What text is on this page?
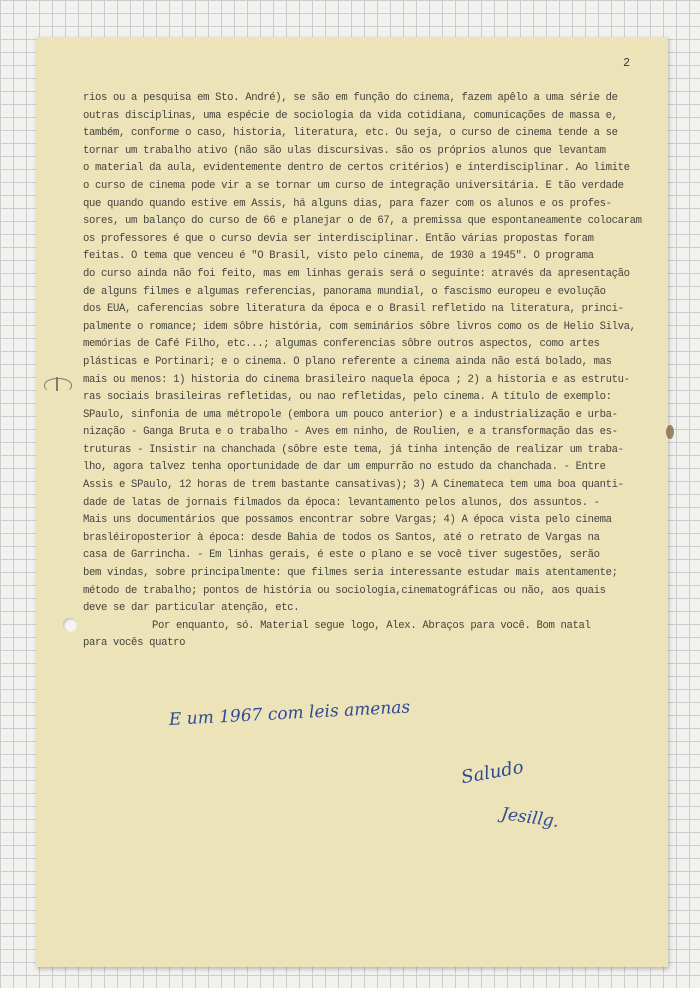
2
rios ou a pesquisa em Sto. André), se são em função do cinema, fazem apêlo a uma série de
outras disciplinas, uma espécie de sociologia da vida cotidiana, comunicações de massa e,
também, conforme o caso, historia, literatura, etc. Ou seja, o curso de cinema tende a se
tornar um trabalho ativo (não são ulas discursivas. são os próprios alunos que levantam
o material da aula, evidentemente dentro de certos critérios) e interdisciplinar. Ao limite
o curso de cinema pode vir a se tornar um curso de integração universitária. E tão verdade
que quando quando estive em Assis, há alguns dias, para fazer com os alunos e os profes-
sores, um balanço do curso de 66 e planejar o de 67, a premissa que espontaneamente colocaram
os professores é que o curso devia ser interdisciplinar. Então várias propostas foram
feitas. O tema que venceu é "O Brasil, visto pelo cinema, de 1930 a 1945". O programa
do curso ainda não foi feito, mas em linhas gerais será o seguinte: através da apresentação
de alguns filmes e algumas referencias, panorama mundial, o fascismo europeu e evolução
dos EUA, caferencias sobre literatura da época e o Brasil refletido na literatura, princi-
palmente o romance; idem sôbre história, com seminários sôbre livros como os de Helio Silva,
memórias de Café Filho, etc...; algumas conferencias sôbre outros aspectos, como artes
plásticas e Portinari; e o cinema. O plano referente a cinema ainda não está bolado, mas
mais ou menos: 1) historia do cinema brasileiro naquela época ; 2) a historia e as estrutu-
ras sociais brasileiras refletidas, ou nao refletidas, pelo cinema. A título de exemplo:
SPaulo, sinfonia de uma métropole (embora um pouco anterior) e a industrialização e urba-
nização - Ganga Bruta e o trabalho - Aves em ninho, de Roulien, e a transformação das es-
truturas - Insistir na chanchada (sôbre este tema, já tinha intenção de realizar um traba-
lho, agora talvez tenha oportunidade de dar um empurrão no estudo da chanchada. - Entre
Assis e SPaulo, 12 horas de trem bastante cansativas); 3) A Cinemateca tem uma boa quanti-
dade de latas de jornais filmados da época: levantamento pelos alunos, dos assuntos. -
Mais uns documentários que possamos encontrar sobre Vargas; 4) A época vista pelo cinema
brasléiroposterior à época: desde Bahia de todos os Santos, até o retrato de Vargas na
casa de Garrincha. - Em linhas gerais, é este o plano e se você tiver sugestões, serão
bem vindas, sobre principalmente: que filmes seria interessante estudar mais atentamente;
método de trabalho; pontos de história ou sociologia,cinematográficas ou não, aos quais
deve se dar particular atenção, etc.
Por enquanto, só. Material segue logo, Alex. Abraços para você. Bom natal
para vocês quatro
E um 1967 com leis amenas
Saludo
Jesillg.
